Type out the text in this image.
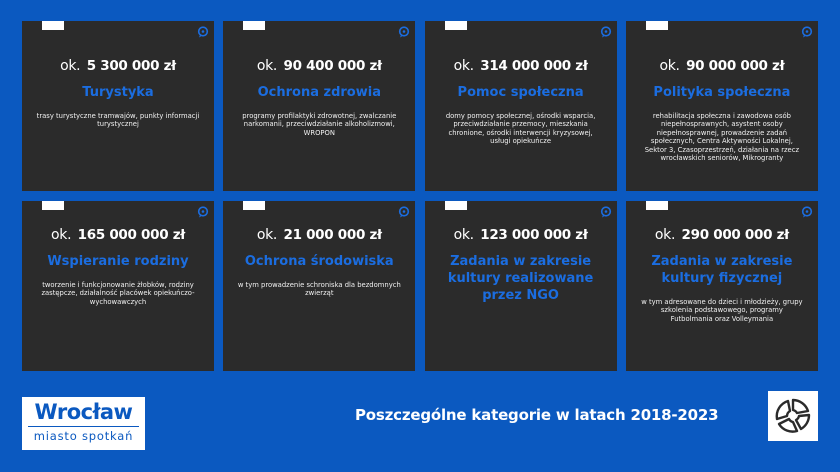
ok. 5 300 000 zł
Turystyka
trasy turystyczne tramwajów, punkty informacji turystycznej
ok. 90 400 000 zł
Ochrona zdrowia
programy profilaktyki zdrowotnej, zwalczanie narkomanii, przeciwdziałanie alkoholizmowi, WROPON
ok. 314 000 000 zł
Pomoc społeczna
domy pomocy społecznej, ośrodki wsparcia, przeciwdziałanie przemocy, mieszkania chronione, ośrodki interwencji kryzysowej, usługi opiekuńcze
ok. 90 000 000 zł
Polityka społeczna
rehabilitacja społeczna i zawodowa osób niepełnosprawnych, asystent osoby niepełnosprawnej, prowadzenie zadań społecznych, Centra Aktywności Lokalnej, Sektor 3, Czasoprzestrzeń, działania na rzecz wrocławskich seniorów, Mikrogranty
ok. 165 000 000 zł
Wspieranie rodziny
tworzenie i funkcjonowanie żłobków, rodziny zastępcze, działalność placówek opiekuńczo-wychowawczych
ok. 21 000 000 zł
Ochrona środowiska
w tym prowadzenie schroniska dla bezdomnych zwierząt
ok. 123 000 000 zł
Zadania w zakresie kultury realizowane przez NGO
ok. 290 000 000 zł
Zadania w zakresie kultury fizycznej
w tym adresowane do dzieci i młodzieży, grupy szkolenia podstawowego, programy Futbolmania oraz Volleymania
Wrocław
miasto spotkań
Poszczególne kategorie w latach 2018-2023
